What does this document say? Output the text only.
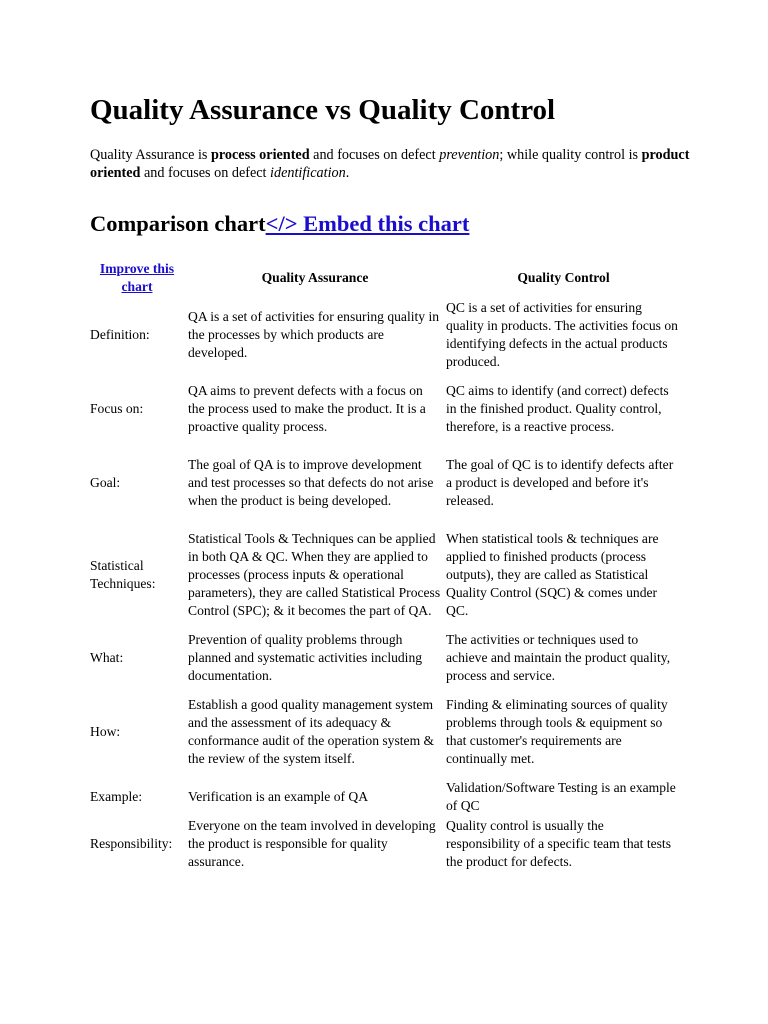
Quality Assurance vs Quality Control

Quality Assurance is process oriented and focuses on defect prevention; while quality control is product oriented and focuses on defect identification.

Comparison chart</> Embed this chart
Improve this chart	Quality Assurance	Quality Control
Definition:	QA is a set of activities for ensuring quality in the processes by which products are developed.	QC is a set of activities for ensuring quality in products. The activities focus on identifying defects in the actual products produced.
Focus on:	QA aims to prevent defects with a focus on the process used to make the product. It is a proactive quality process.	QC aims to identify (and correct) defects in the finished product. Quality control, therefore, is a reactive process.
Goal:	The goal of QA is to improve development and test processes so that defects do not arise when the product is being developed.	The goal of QC is to identify defects after a product is developed and before it's released.
Statistical Techniques:	Statistical Tools & Techniques can be applied in both QA & QC. When they are applied to processes (process inputs & operational parameters), they are called Statistical Process Control (SPC); & it becomes the part of QA.	When statistical tools & techniques are applied to finished products (process outputs), they are called as Statistical Quality Control (SQC) & comes under QC.
What:	Prevention of quality problems through planned and systematic activities including documentation.	The activities or techniques used to achieve and maintain the product quality, process and service.
How:	Establish a good quality management system and the assessment of its adequacy & conformance audit of the operation system & the review of the system itself.	Finding & eliminating sources of quality problems through tools & equipment so that customer's requirements are continually met.
Example:	Verification is an example of QA	Validation/Software Testing is an example of QC
Responsibility:	Everyone on the team involved in developing the product is responsible for quality assurance.	Quality control is usually the responsibility of a specific team that tests the product for defects.
